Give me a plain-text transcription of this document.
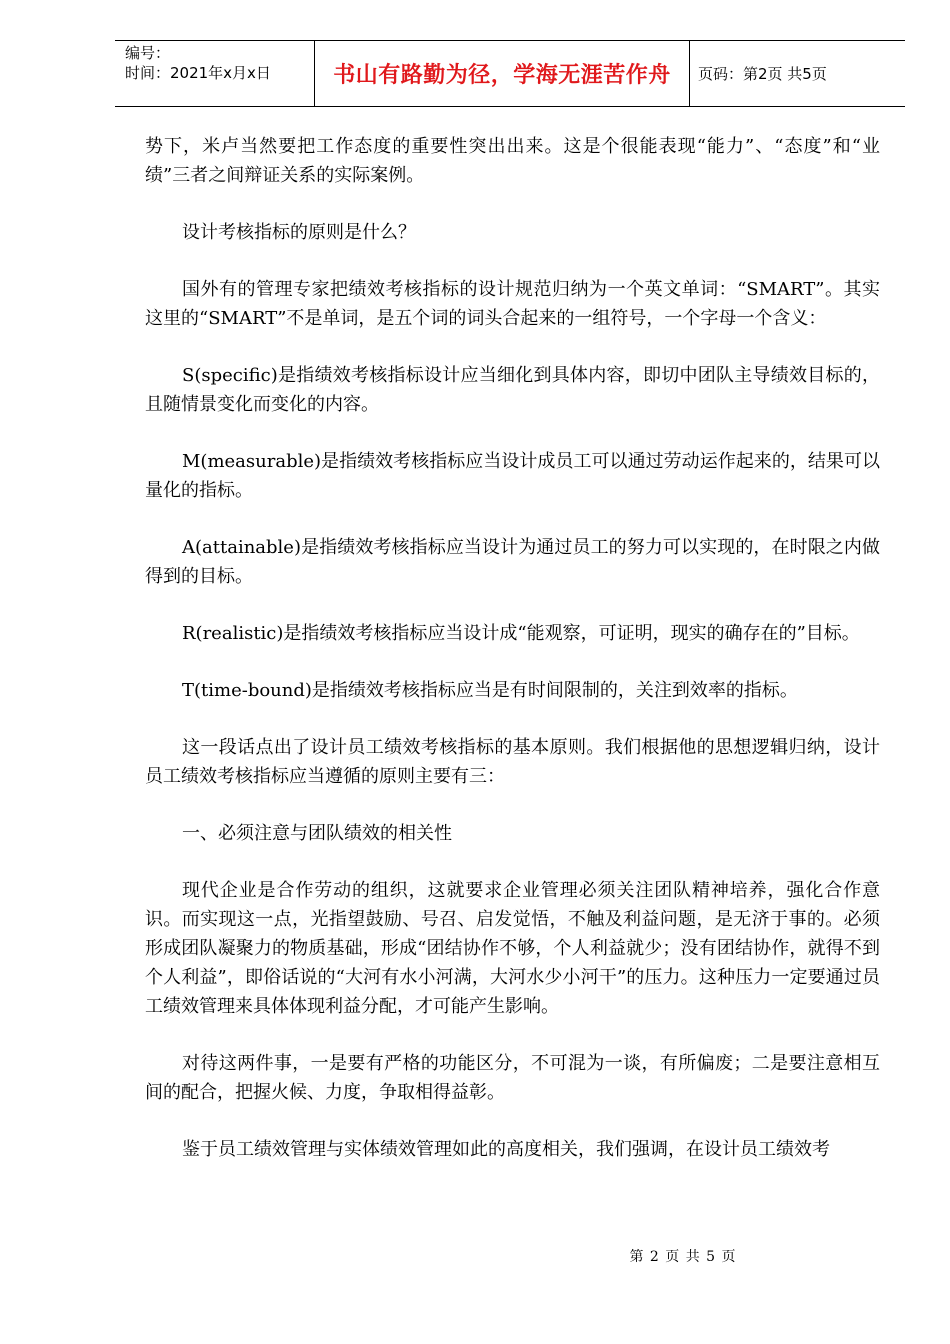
编号：
时间：2021年x月x日	书山有路勤为径，学海无涯苦作舟	页码：第2页 共5页

势下，米卢当然要把工作态度的重要性突出出来。这是个很能表现“能力”、“态度”和“业绩”三者之间辩证关系的实际案例。

设计考核指标的原则是什么？

国外有的管理专家把绩效考核指标的设计规范归纳为一个英文单词：“SMART”。其实这里的“SMART”不是单词，是五个词的词头合起来的一组符号，一个字母一个含义：

S(specific)是指绩效考核指标设计应当细化到具体内容，即切中团队主导绩效目标的，且随情景变化而变化的内容。

M(measurable)是指绩效考核指标应当设计成员工可以通过劳动运作起来的，结果可以量化的指标。

A(attainable)是指绩效考核指标应当设计为通过员工的努力可以实现的，在时限之内做得到的目标。

R(realistic)是指绩效考核指标应当设计成“能观察，可证明，现实的确存在的”目标。

T(time-bound)是指绩效考核指标应当是有时间限制的，关注到效率的指标。

这一段话点出了设计员工绩效考核指标的基本原则。我们根据他的思想逻辑归纳，设计员工绩效考核指标应当遵循的原则主要有三：

一、必须注意与团队绩效的相关性

现代企业是合作劳动的组织，这就要求企业管理必须关注团队精神培养，强化合作意识。而实现这一点，光指望鼓励、号召、启发觉悟，不触及利益问题，是无济于事的。必须形成团队凝聚力的物质基础，形成“团结协作不够，个人利益就少；没有团结协作，就得不到个人利益”，即俗话说的“大河有水小河满，大河水少小河干”的压力。这种压力一定要通过员工绩效管理来具体体现利益分配，才可能产生影响。

对待这两件事，一是要有严格的功能区分，不可混为一谈，有所偏废；二是要注意相互间的配合，把握火候、力度，争取相得益彰。

鉴于员工绩效管理与实体绩效管理如此的高度相关，我们强调，在设计员工绩效考

第 2 页 共 5 页
